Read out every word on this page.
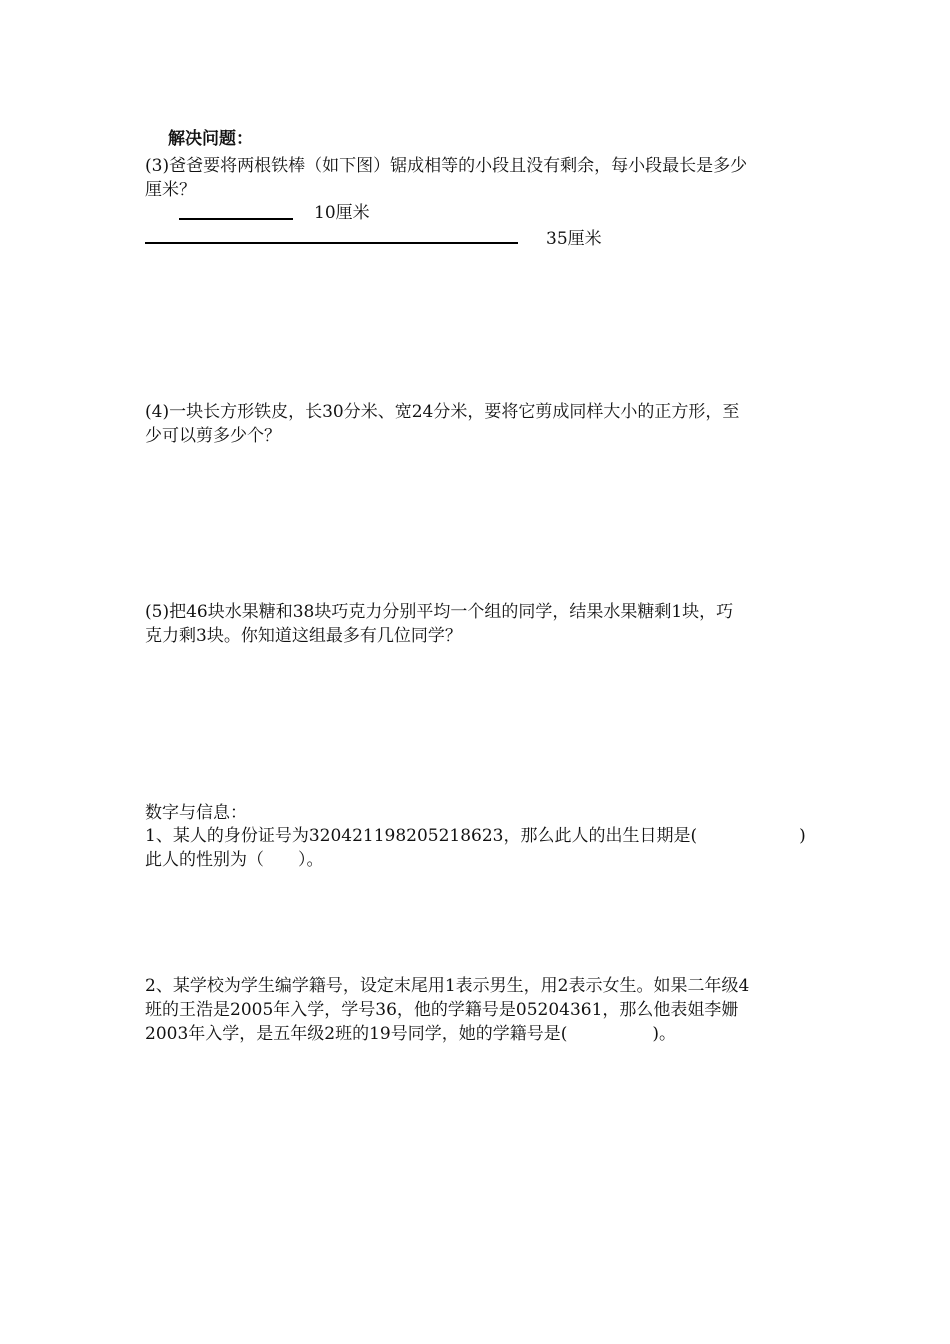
解决问题：
(3)爸爸要将两根铁棒（如下图）锯成相等的小段且没有剩余，每小段最长是多少
厘米？
10厘米
35厘米
(4)一块长方形铁皮，长30分米、宽24分米，要将它剪成同样大小的正方形，至
少可以剪多少个？
(5)把46块水果糖和38块巧克力分别平均一个组的同学，结果水果糖剩1块，巧
克力剩3块。你知道这组最多有几位同学？
数字与信息：
1、某人的身份证号为320421198205218623，那么此人的出生日期是(　　　　　　)
此人的性别为（　　）。
2、某学校为学生编学籍号，设定末尾用1表示男生，用2表示女生。如果二年级4
班的王浩是2005年入学，学号36，他的学籍号是05204361，那么他表姐李姗
2003年入学，是五年级2班的19号同学，她的学籍号是(　　　　　)。
